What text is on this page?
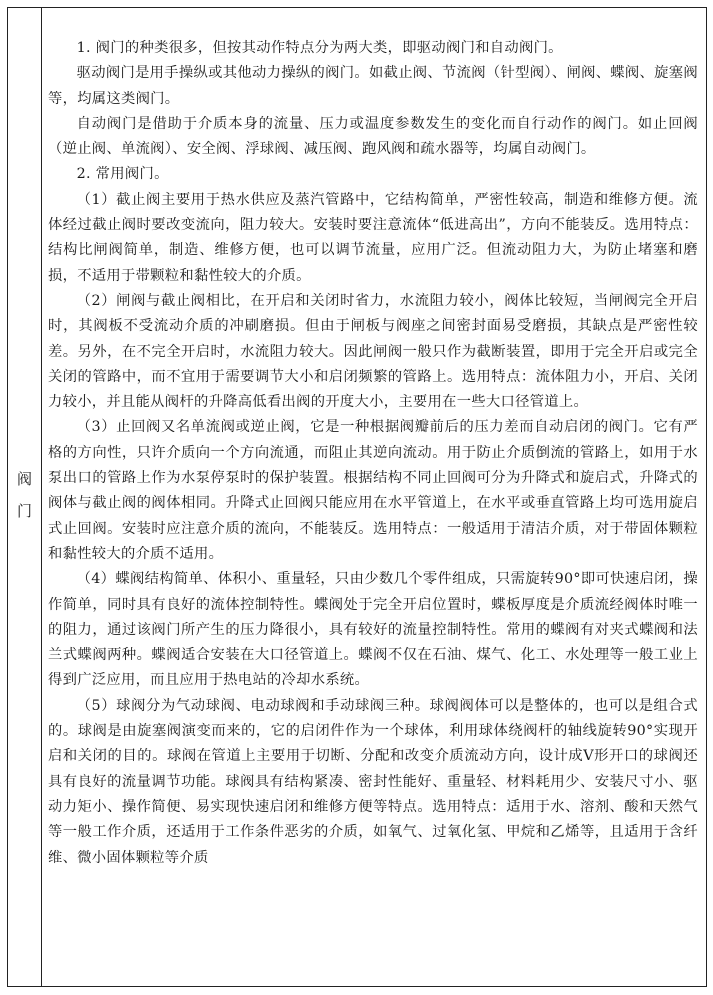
阀
门

1. 阀门的种类很多，但按其动作特点分为两大类，即驱动阀门和自动阀门。

驱动阀门是用手操纵或其他动力操纵的阀门。如截止阀、节流阀（针型阀）、闸阀、蝶阀、旋塞阀等，均属这类阀门。

自动阀门是借助于介质本身的流量、压力或温度参数发生的变化而自行动作的阀门。如止回阀（逆止阀、单流阀）、安全阀、浮球阀、减压阀、跑风阀和疏水器等，均属自动阀门。

2. 常用阀门。

（1）截止阀主要用于热水供应及蒸汽管路中，它结构简单，严密性较高，制造和维修方便。流体经过截止阀时要改变流向，阻力较大。安装时要注意流体“低进高出”，方向不能装反。选用特点：结构比闸阀简单，制造、维修方便，也可以调节流量，应用广泛。但流动阻力大，为防止堵塞和磨损，不适用于带颗粒和黏性较大的介质。

（2）闸阀与截止阀相比，在开启和关闭时省力，水流阻力较小，阀体比较短，当闸阀完全开启时，其阀板不受流动介质的冲刷磨损。但由于闸板与阀座之间密封面易受磨损，其缺点是严密性较差。另外，在不完全开启时，水流阻力较大。因此闸阀一般只作为截断装置，即用于完全开启或完全关闭的管路中，而不宜用于需要调节大小和启闭频繁的管路上。选用特点：流体阻力小，开启、关闭力较小，并且能从阀杆的升降高低看出阀的开度大小，主要用在一些大口径管道上。

（3）止回阀又名单流阀或逆止阀，它是一种根据阀瓣前后的压力差而自动启闭的阀门。它有严格的方向性，只许介质向一个方向流通，而阻止其逆向流动。用于防止介质倒流的管路上，如用于水泵出口的管路上作为水泵停泵时的保护装置。根据结构不同止回阀可分为升降式和旋启式，升降式的阀体与截止阀的阀体相同。升降式止回阀只能应用在水平管道上，在水平或垂直管路上均可选用旋启式止回阀。安装时应注意介质的流向，不能装反。选用特点：一般适用于清洁介质，对于带固体颗粒和黏性较大的介质不适用。

（4）蝶阀结构简单、体积小、重量轻，只由少数几个零件组成，只需旋转90°即可快速启闭，操作简单，同时具有良好的流体控制特性。蝶阀处于完全开启位置时，蝶板厚度是介质流经阀体时唯一的阻力，通过该阀门所产生的压力降很小，具有较好的流量控制特性。常用的蝶阀有对夹式蝶阀和法兰式蝶阀两种。蝶阀适合安装在大口径管道上。蝶阀不仅在石油、煤气、化工、水处理等一般工业上得到广泛应用，而且应用于热电站的冷却水系统。

（5）球阀分为气动球阀、电动球阀和手动球阀三种。球阀阀体可以是整体的，也可以是组合式的。球阀是由旋塞阀演变而来的，它的启闭件作为一个球体，利用球体绕阀杆的轴线旋转90°实现开启和关闭的目的。球阀在管道上主要用于切断、分配和改变介质流动方向，设计成V形开口的球阀还具有良好的流量调节功能。球阀具有结构紧凑、密封性能好、重量轻、材料耗用少、安装尺寸小、驱动力矩小、操作简便、易实现快速启闭和维修方便等特点。选用特点：适用于水、溶剂、酸和天然气等一般工作介质，还适用于工作条件恶劣的介质，如氧气、过氧化氢、甲烷和乙烯等，且适用于含纤维、微小固体颗粒等介质
